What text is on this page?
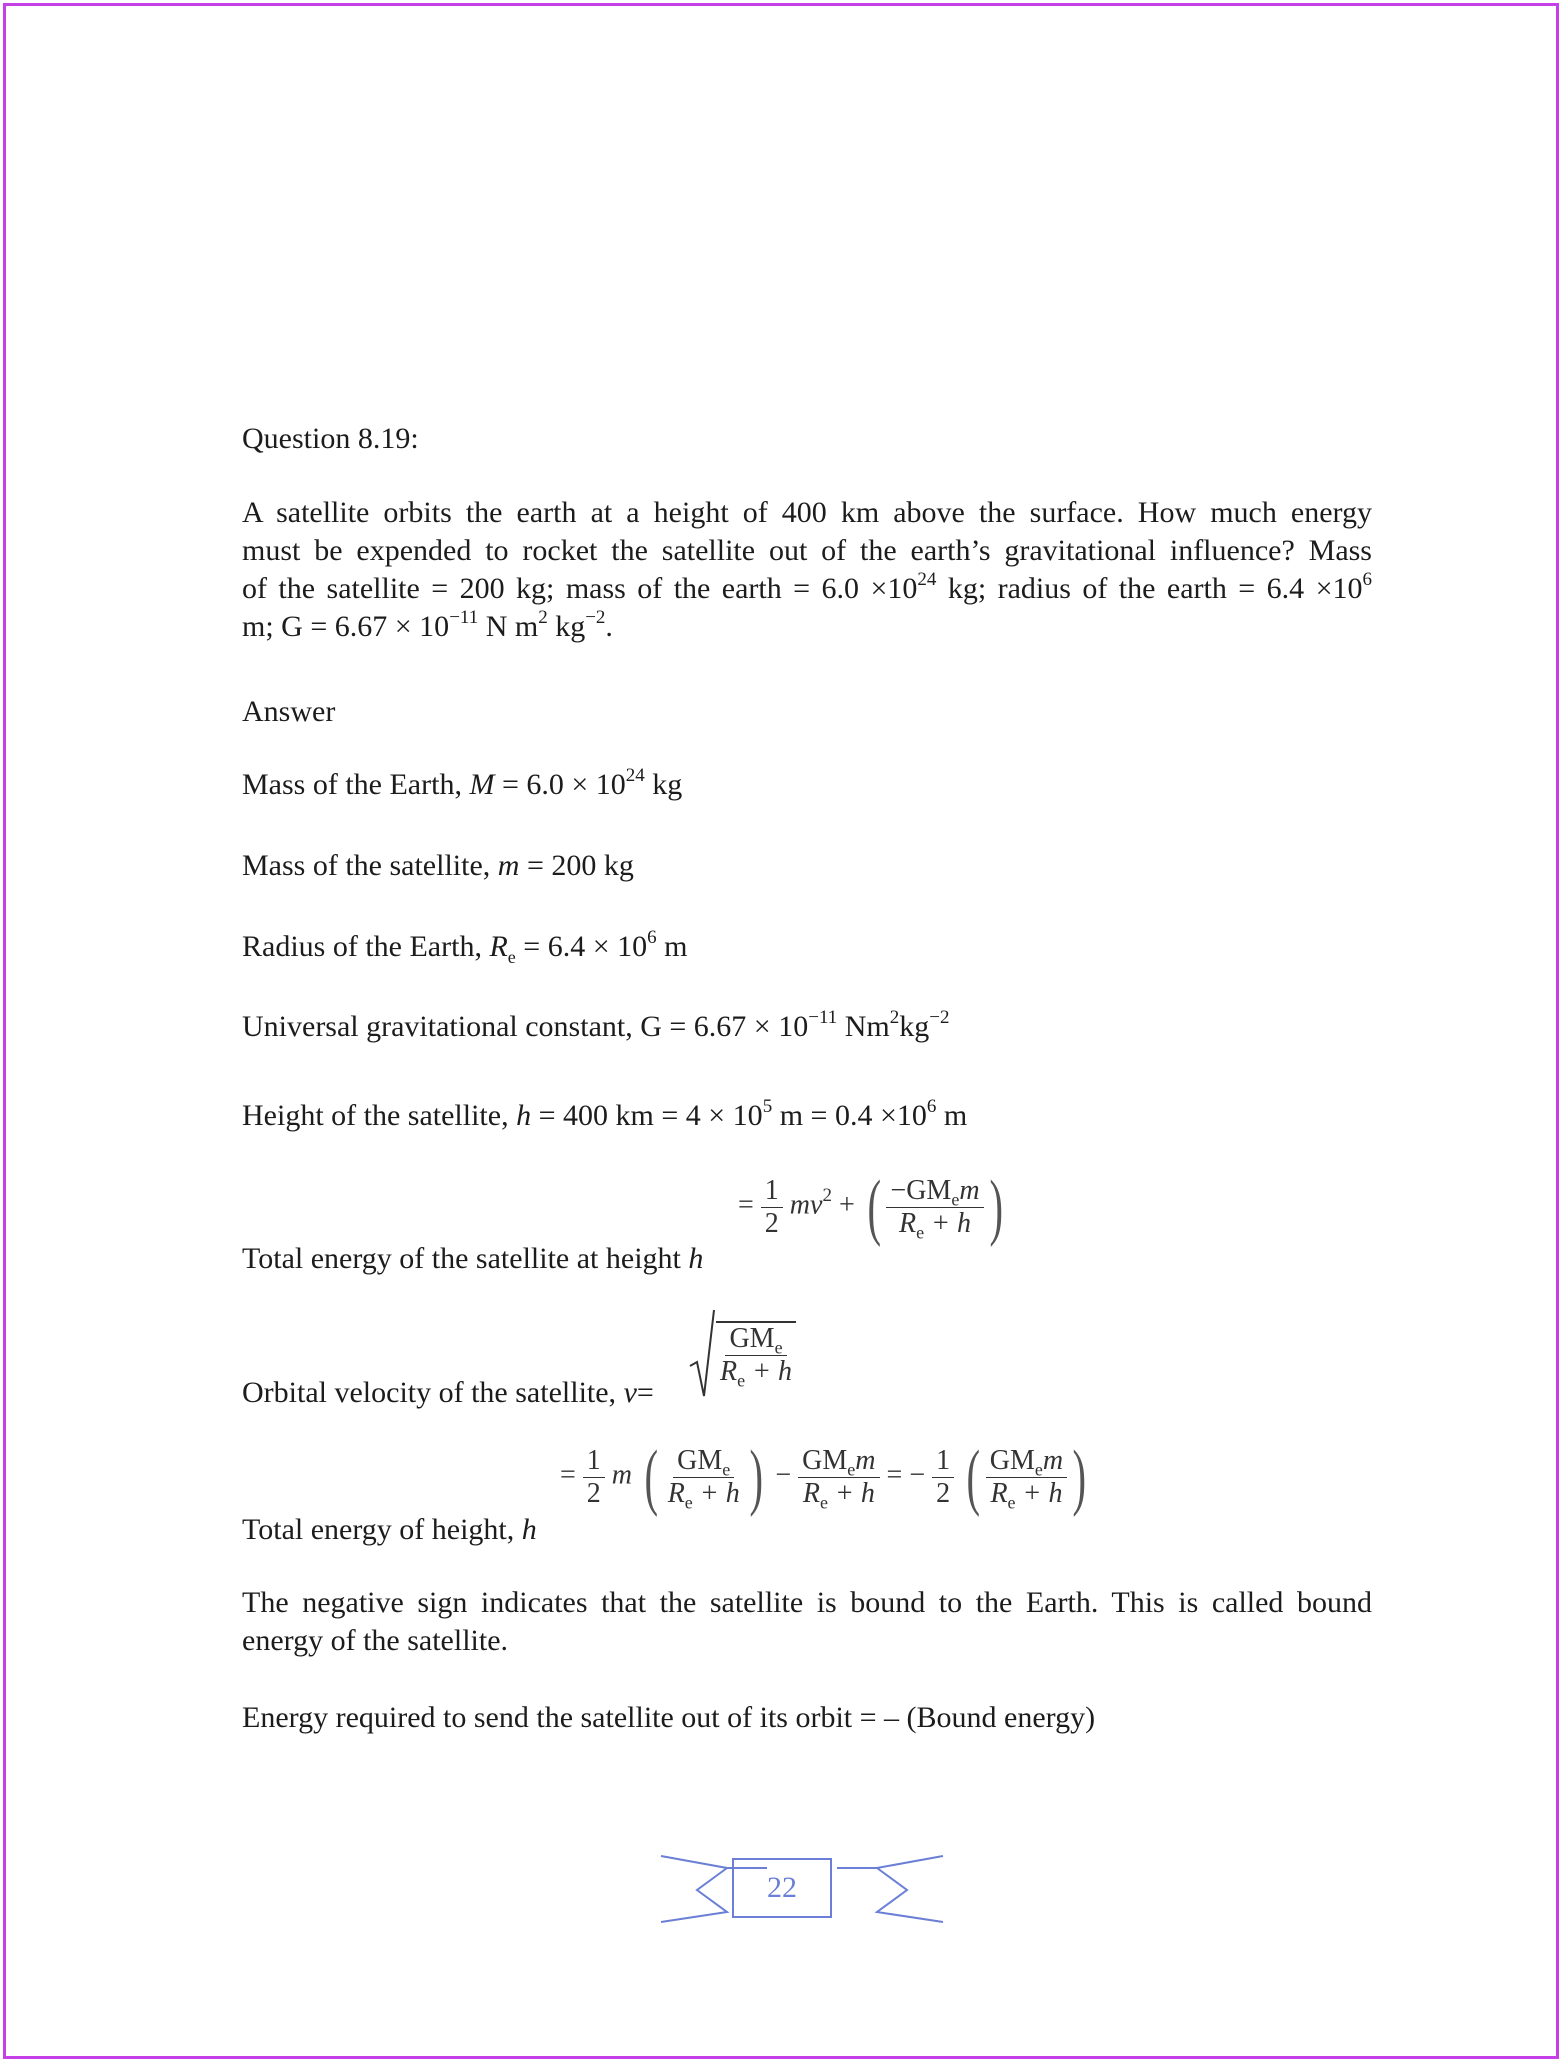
Question 8.19:
A satellite orbits the earth at a height of 400 km above the surface. How much energy
must be expended to rocket the satellite out of the earth’s gravitational influence? Mass
of the satellite = 200 kg; mass of the earth = $6.0 \times 10^{24}$ kg; radius of the earth = $6.4 \times 10^6$
m; $G = 6.67 \times 10^{-11}$ N $m^2$ $kg^{-2}$.
Answer
Mass of the Earth, $M = 6.0 \times 10^{24}$ kg
Mass of the satellite, m = 200 kg
Radius of the Earth, $R_e = 6.4 \times 10^6$ m
Universal gravitational constant, $G = 6.67 \times 10^{-11}$ $Nm^2kg^{-2}$
Height of the satellite, h = 400 km = $4 \times 10^5$ $m = 0.4 \times 10^6$ m
Total energy of the satellite at height h
Orbital velocity of the satellite, v=
Total energy of height, h
The negative sign indicates that the satellite is bound to the Earth. This is called bound
energy of the satellite.
Energy required to send the satellite out of its orbit = – (Bound energy)
= $\frac{1}{2} mv^2$ + ( $\frac{-GM_em}{R_e + h}$ )
$\frac{GM_e}{R_e + h}$
= $\frac{1}{2}$ m ( $\frac{GM_e}{R_e + h}$ ) − $\frac{GM_em}{R_e + h}$ = − $\frac{1}{2}$ ( $\frac{GM_em}{R_e + h}$ )
22
